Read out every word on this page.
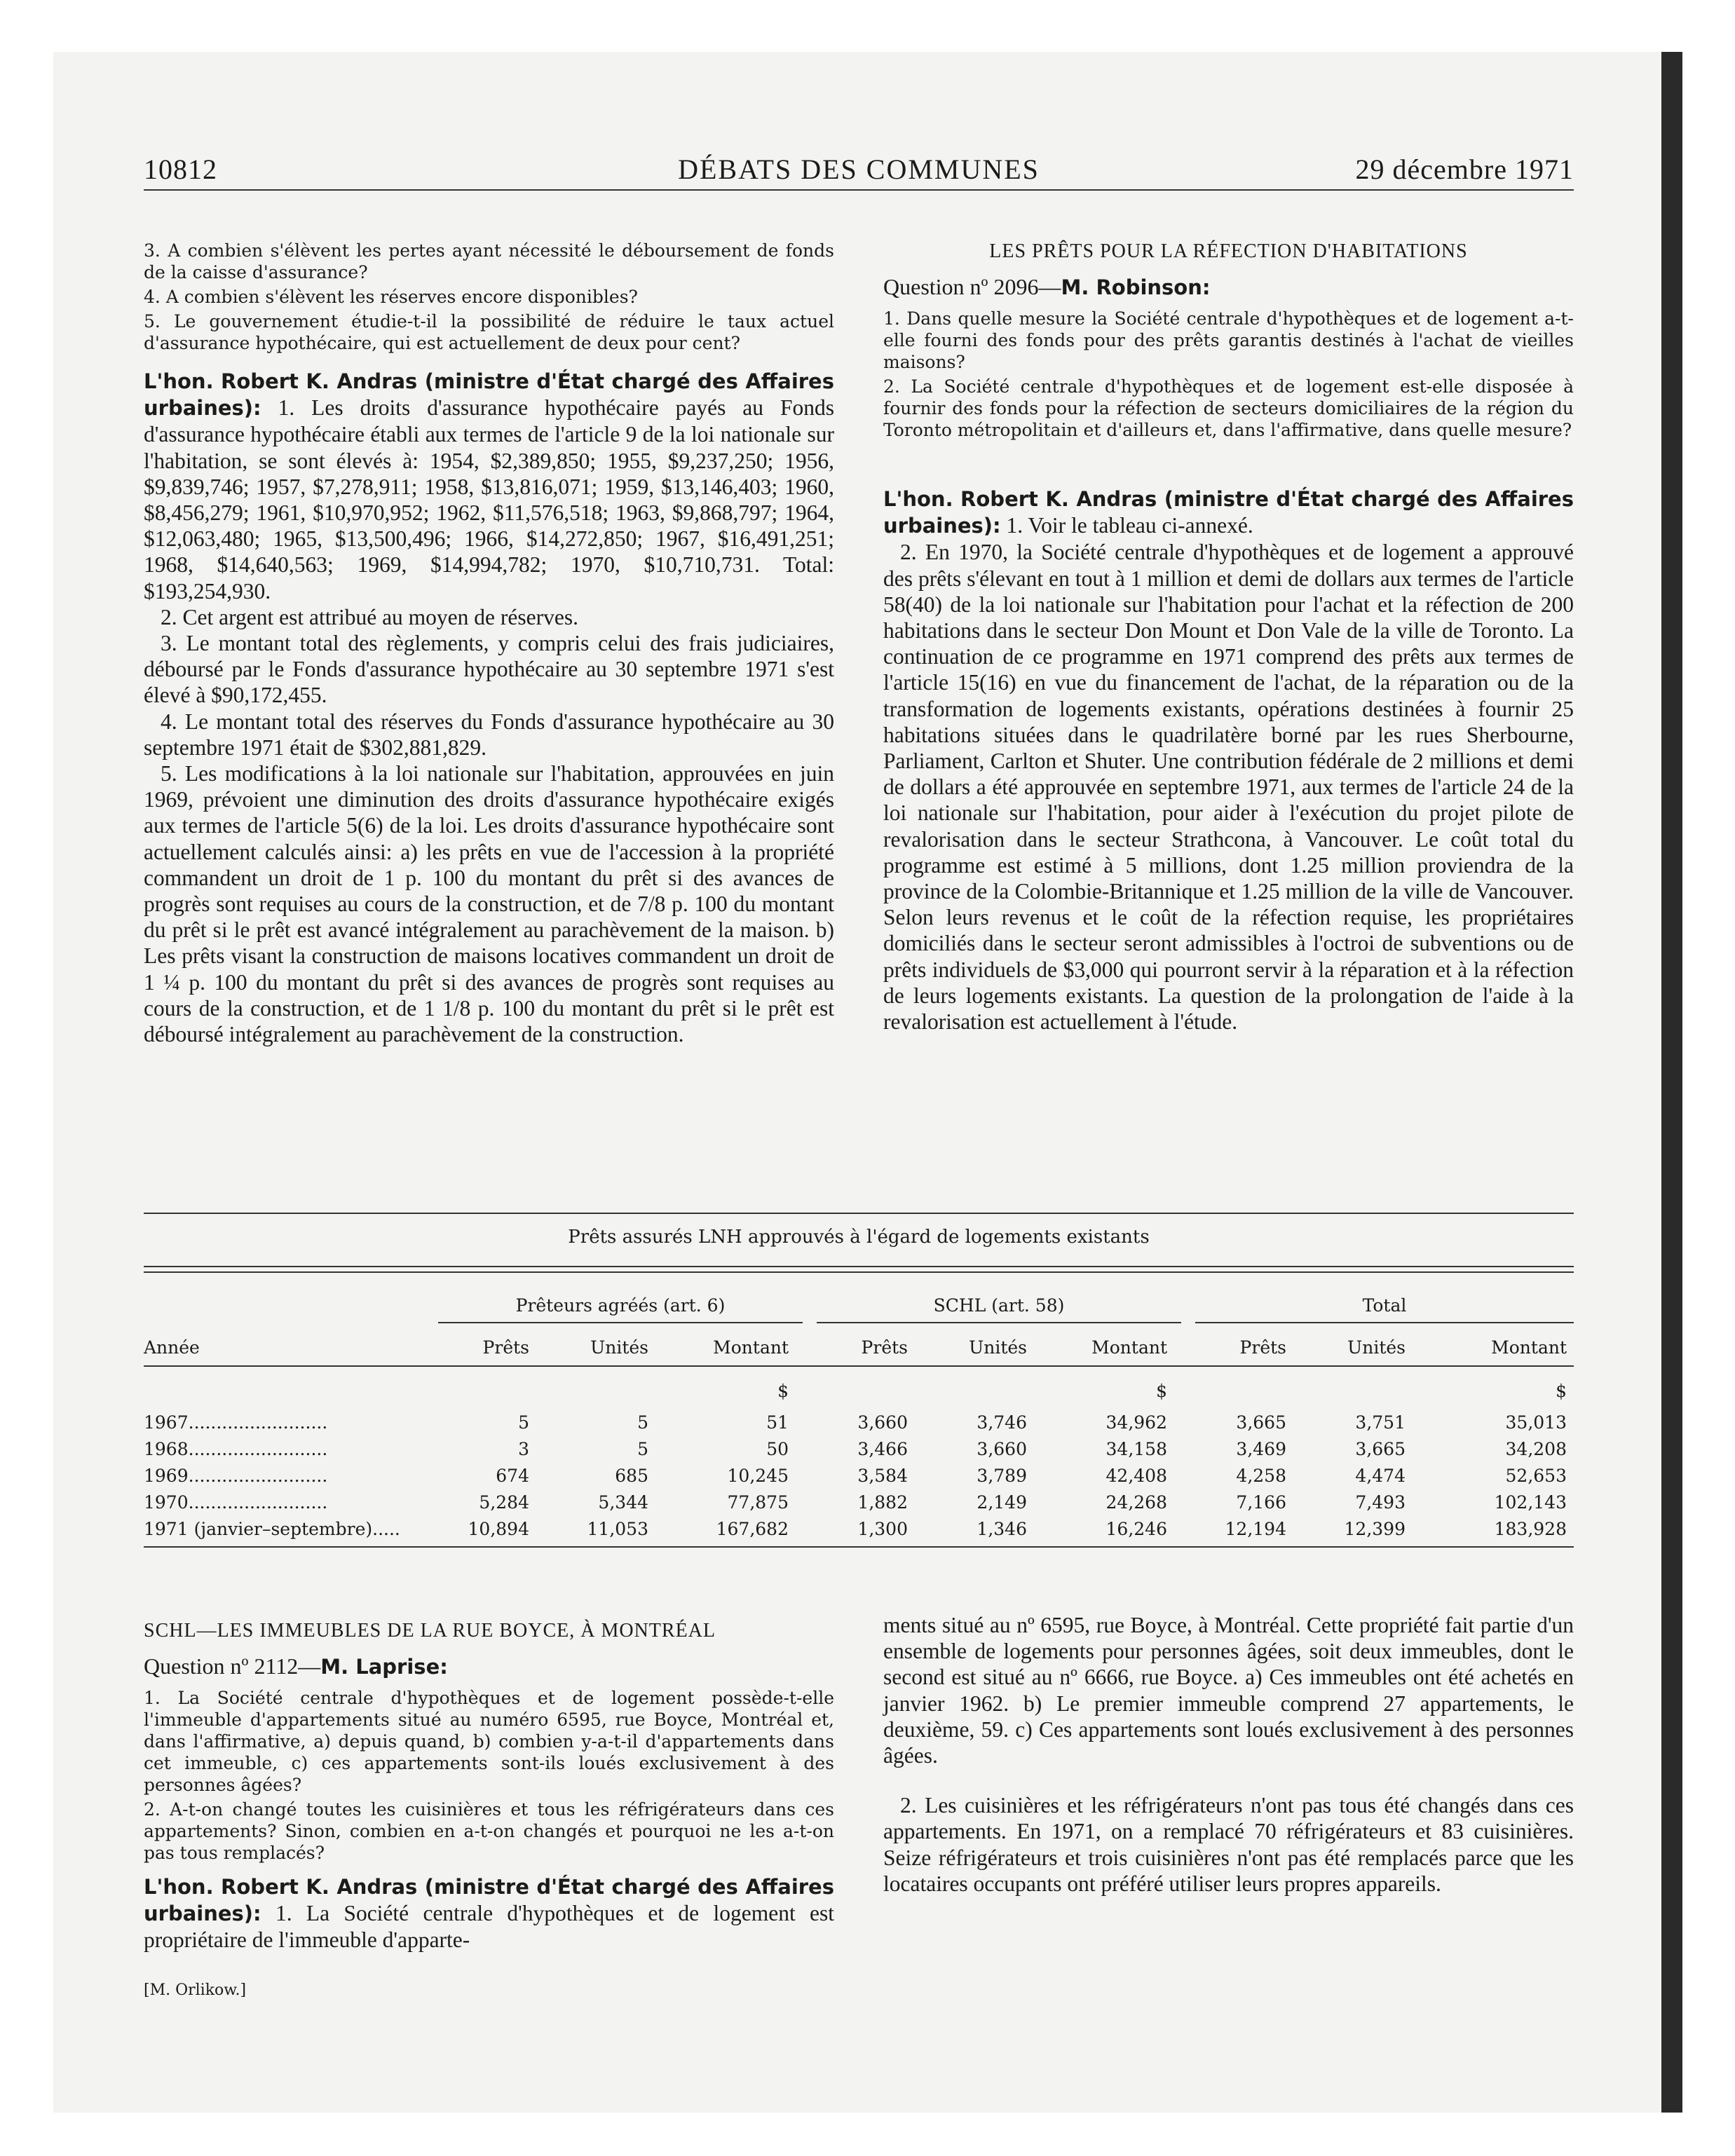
10812	DÉBATS DES COMMUNES	29 décembre 1971

3. A combien s'élèvent les pertes ayant nécessité le déboursement de fonds de la caisse d'assurance?

4. A combien s'élèvent les réserves encore disponibles?

5. Le gouvernement étudie-t-il la possibilité de réduire le taux actuel d'assurance hypothécaire, qui est actuellement de deux pour cent?

L'hon. Robert K. Andras (ministre d'État chargé des Affaires urbaines): 1. Les droits d'assurance hypothécaire payés au Fonds d'assurance hypothécaire établi aux termes de l'article 9 de la loi nationale sur l'habitation, se sont élevés à: 1954, $2,389,850; 1955, $9,237,250; 1956, $9,839,746; 1957, $7,278,911; 1958, $13,816,071; 1959, $13,146,403; 1960, $8,456,279; 1961, $10,970,952; 1962, $11,576,518; 1963, $9,868,797; 1964, $12,063,480; 1965, $13,500,496; 1966, $14,272,850; 1967, $16,491,251; 1968, $14,640,563; 1969, $14,994,782; 1970, $10,710,731. Total: $193,254,930.

2. Cet argent est attribué au moyen de réserves.

3. Le montant total des règlements, y compris celui des frais judiciaires, déboursé par le Fonds d'assurance hypothécaire au 30 septembre 1971 s'est élevé à $90,172,455.

4. Le montant total des réserves du Fonds d'assurance hypothécaire au 30 septembre 1971 était de $302,881,829.

5. Les modifications à la loi nationale sur l'habitation, approuvées en juin 1969, prévoient une diminution des droits d'assurance hypothécaire exigés aux termes de l'article 5(6) de la loi. Les droits d'assurance hypothécaire sont actuellement calculés ainsi: a) les prêts en vue de l'accession à la propriété commandent un droit de 1 p. 100 du montant du prêt si des avances de progrès sont requises au cours de la construction, et de 7/8 p. 100 du montant du prêt si le prêt est avancé intégralement au parachèvement de la maison. b) Les prêts visant la construction de maisons locatives commandent un droit de 1 ¼ p. 100 du montant du prêt si des avances de progrès sont requises au cours de la construction, et de 1 1/8 p. 100 du montant du prêt si le prêt est déboursé intégralement au parachèvement de la construction.

LES PRÊTS POUR LA RÉFECTION D'HABITATIONS

Question nº 2096—M. Robinson:

1. Dans quelle mesure la Société centrale d'hypothèques et de logement a-t-elle fourni des fonds pour des prêts garantis destinés à l'achat de vieilles maisons?

2. La Société centrale d'hypothèques et de logement est-elle disposée à fournir des fonds pour la réfection de secteurs domiciliaires de la région du Toronto métropolitain et d'ailleurs et, dans l'affirmative, dans quelle mesure?

L'hon. Robert K. Andras (ministre d'État chargé des Affaires urbaines): 1. Voir le tableau ci-annexé.

2. En 1970, la Société centrale d'hypothèques et de logement a approuvé des prêts s'élevant en tout à 1 million et demi de dollars aux termes de l'article 58(40) de la loi nationale sur l'habitation pour l'achat et la réfection de 200 habitations dans le secteur Don Mount et Don Vale de la ville de Toronto. La continuation de ce programme en 1971 comprend des prêts aux termes de l'article 15(16) en vue du financement de l'achat, de la réparation ou de la transformation de logements existants, opérations destinées à fournir 25 habitations situées dans le quadrilatère borné par les rues Sherbourne, Parliament, Carlton et Shuter. Une contribution fédérale de 2 millions et demi de dollars a été approuvée en septembre 1971, aux termes de l'article 24 de la loi nationale sur l'habitation, pour aider à l'exécution du projet pilote de revalorisation dans le secteur Strathcona, à Vancouver. Le coût total du programme est estimé à 5 millions, dont 1.25 million proviendra de la province de la Colombie-Britannique et 1.25 million de la ville de Vancouver. Selon leurs revenus et le coût de la réfection requise, les propriétaires domiciliés dans le secteur seront admissibles à l'octroi de subventions ou de prêts individuels de $3,000 qui pourront servir à la réparation et à la réfection de leurs logements existants. La question de la prolongation de l'aide à la revalorisation est actuellement à l'étude.

Prêts assurés LNH approuvés à l'égard de logements existants
Prêteurs agréés (art. 6)	SCHL (art. 58)	Total
Année	Prêts	Unités	Montant	Prêts	Unités	Montant	Prêts	Unités	Montant
$	$	$
1967.........................	5	5	51	3,660	3,746	34,962	3,665	3,751	35,013
1968.........................	3	5	50	3,466	3,660	34,158	3,469	3,665	34,208
1969.........................	674	685	10,245	3,584	3,789	42,408	4,258	4,474	52,653
1970.........................	5,284	5,344	77,875	1,882	2,149	24,268	7,166	7,493	102,143
1971 (janvier–septembre).....	10,894	11,053	167,682	1,300	1,346	16,246	12,194	12,399	183,928

SCHL—LES IMMEUBLES DE LA RUE BOYCE, À MONTRÉAL

Question nº 2112—M. Laprise:

1. La Société centrale d'hypothèques et de logement possède-t-elle l'immeuble d'appartements situé au numéro 6595, rue Boyce, Montréal et, dans l'affirmative, a) depuis quand, b) combien y-a-t-il d'appartements dans cet immeuble, c) ces appartements sont-ils loués exclusivement à des personnes âgées?

2. A-t-on changé toutes les cuisinières et tous les réfrigérateurs dans ces appartements? Sinon, combien en a-t-on changés et pourquoi ne les a-t-on pas tous remplacés?

L'hon. Robert K. Andras (ministre d'État chargé des Affaires urbaines): 1. La Société centrale d'hypothèques et de logement est propriétaire de l'immeuble d'apparte-

[M. Orlikow.]

ments situé au nº 6595, rue Boyce, à Montréal. Cette propriété fait partie d'un ensemble de logements pour personnes âgées, soit deux immeubles, dont le second est situé au nº 6666, rue Boyce. a) Ces immeubles ont été achetés en janvier 1962. b) Le premier immeuble comprend 27 appartements, le deuxième, 59. c) Ces appartements sont loués exclusivement à des personnes âgées.

2. Les cuisinières et les réfrigérateurs n'ont pas tous été changés dans ces appartements. En 1971, on a remplacé 70 réfrigérateurs et 83 cuisinières. Seize réfrigérateurs et trois cuisinières n'ont pas été remplacés parce que les locataires occupants ont préféré utiliser leurs propres appareils.
